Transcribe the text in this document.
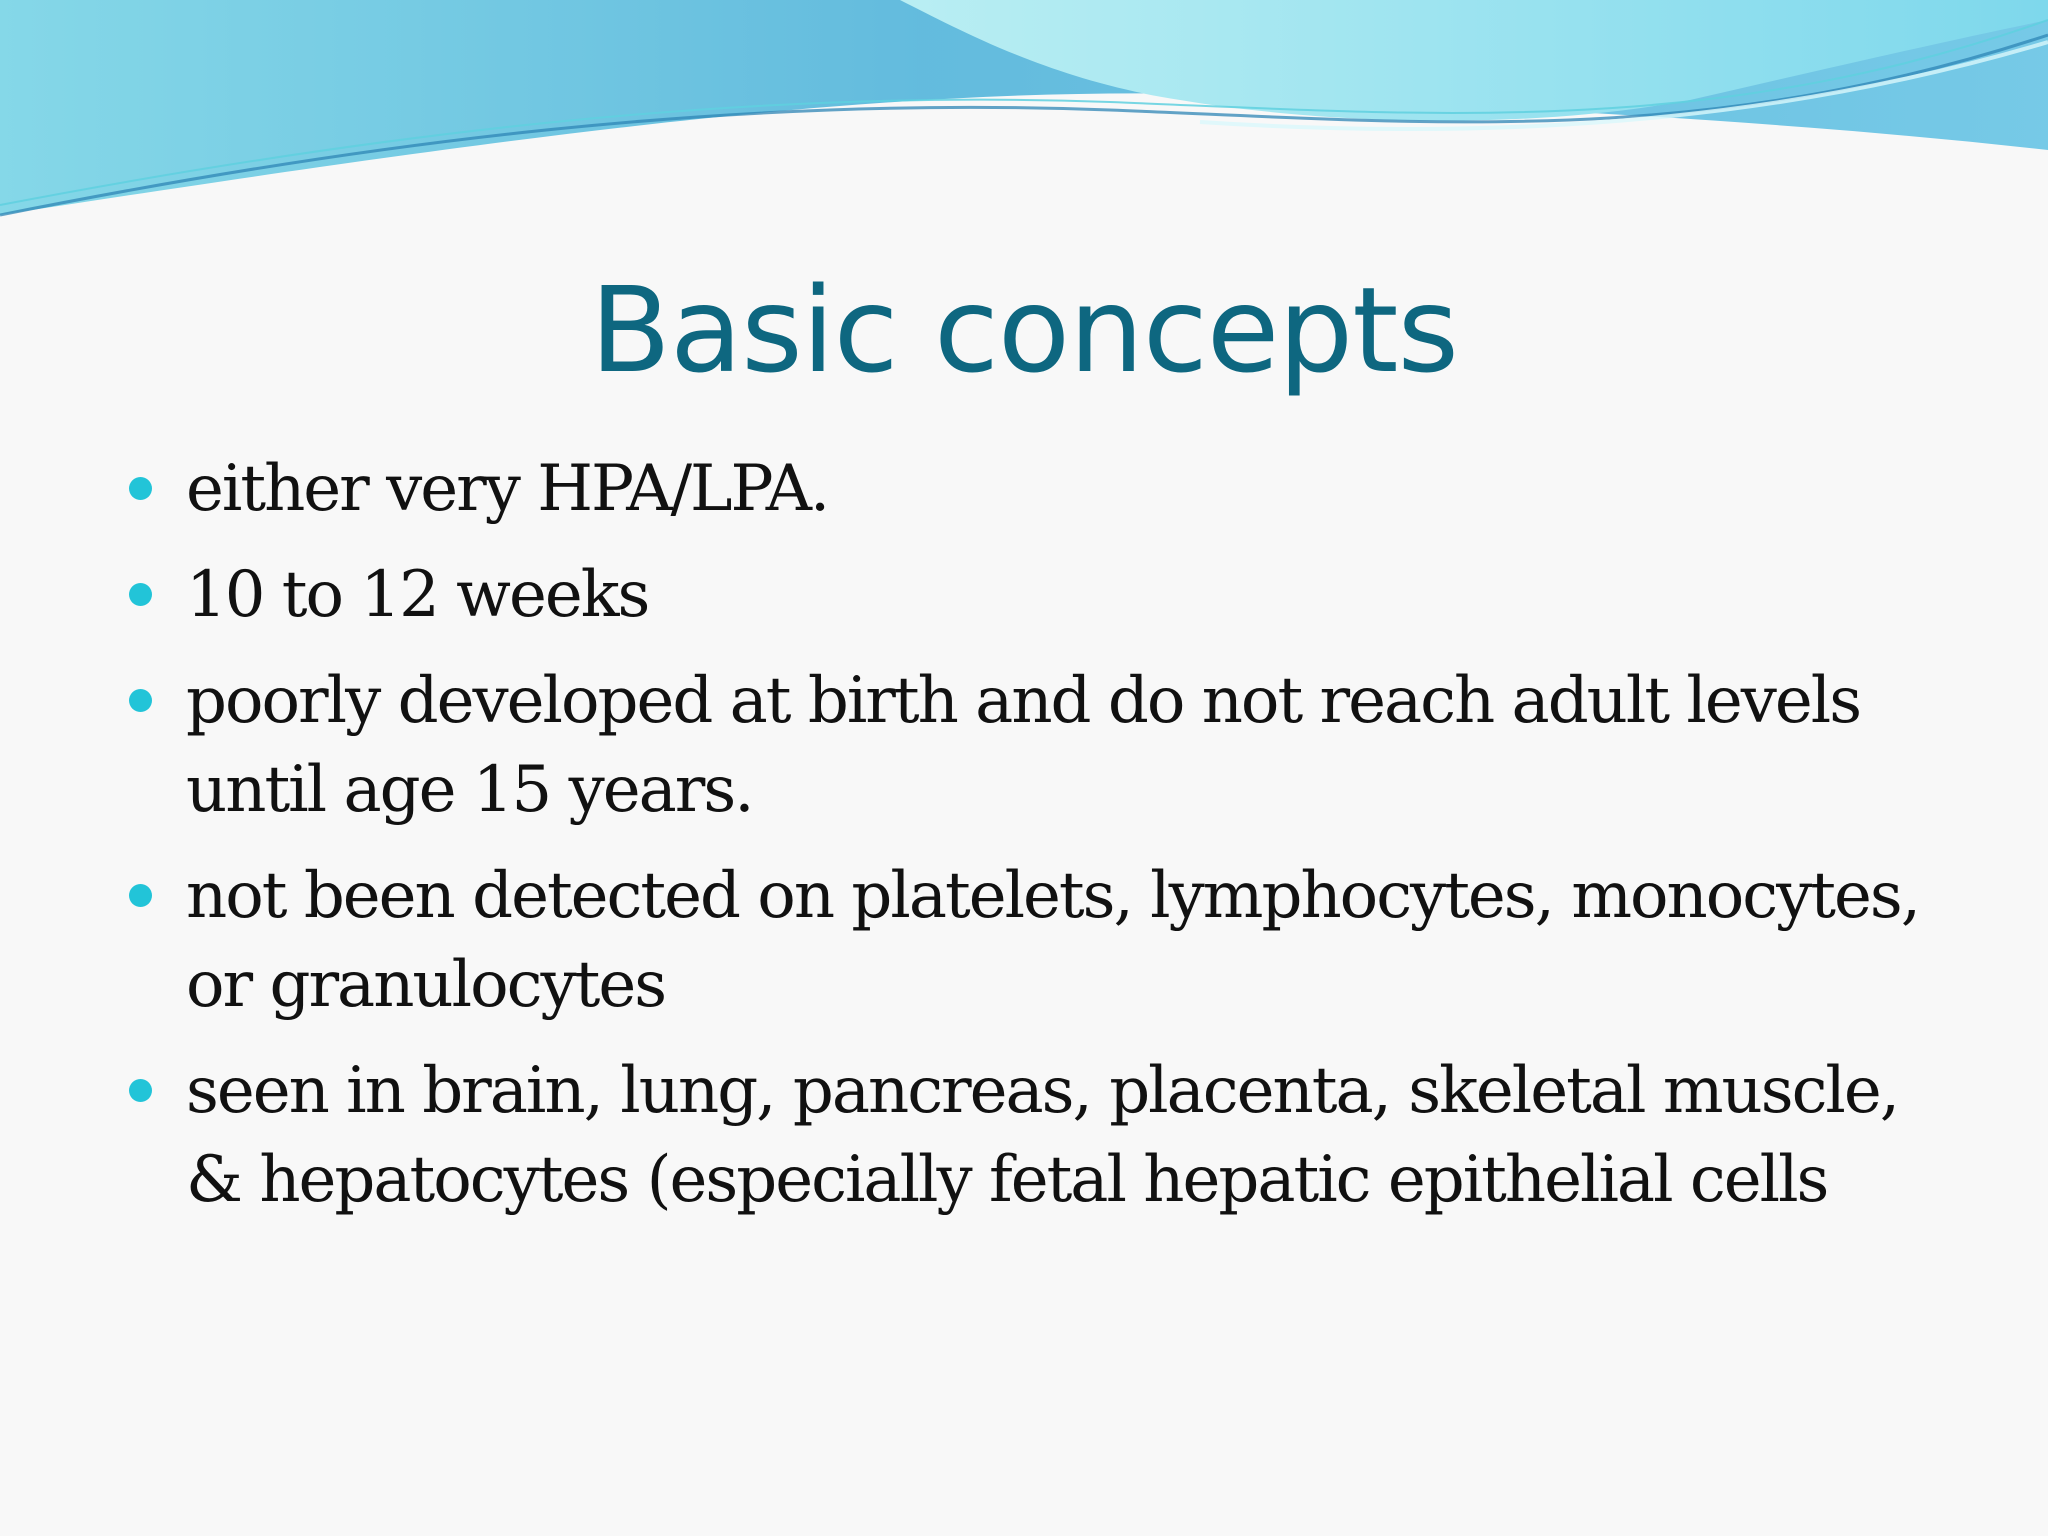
Basic concepts
either very HPA/LPA.
10 to 12 weeks
poorly developed at birth and do not reach adult levels until age 15 years.
not been detected on platelets, lymphocytes, monocytes, or granulocytes
seen in brain, lung, pancreas, placenta, skeletal muscle, & hepatocytes (especially fetal hepatic epithelial cells
